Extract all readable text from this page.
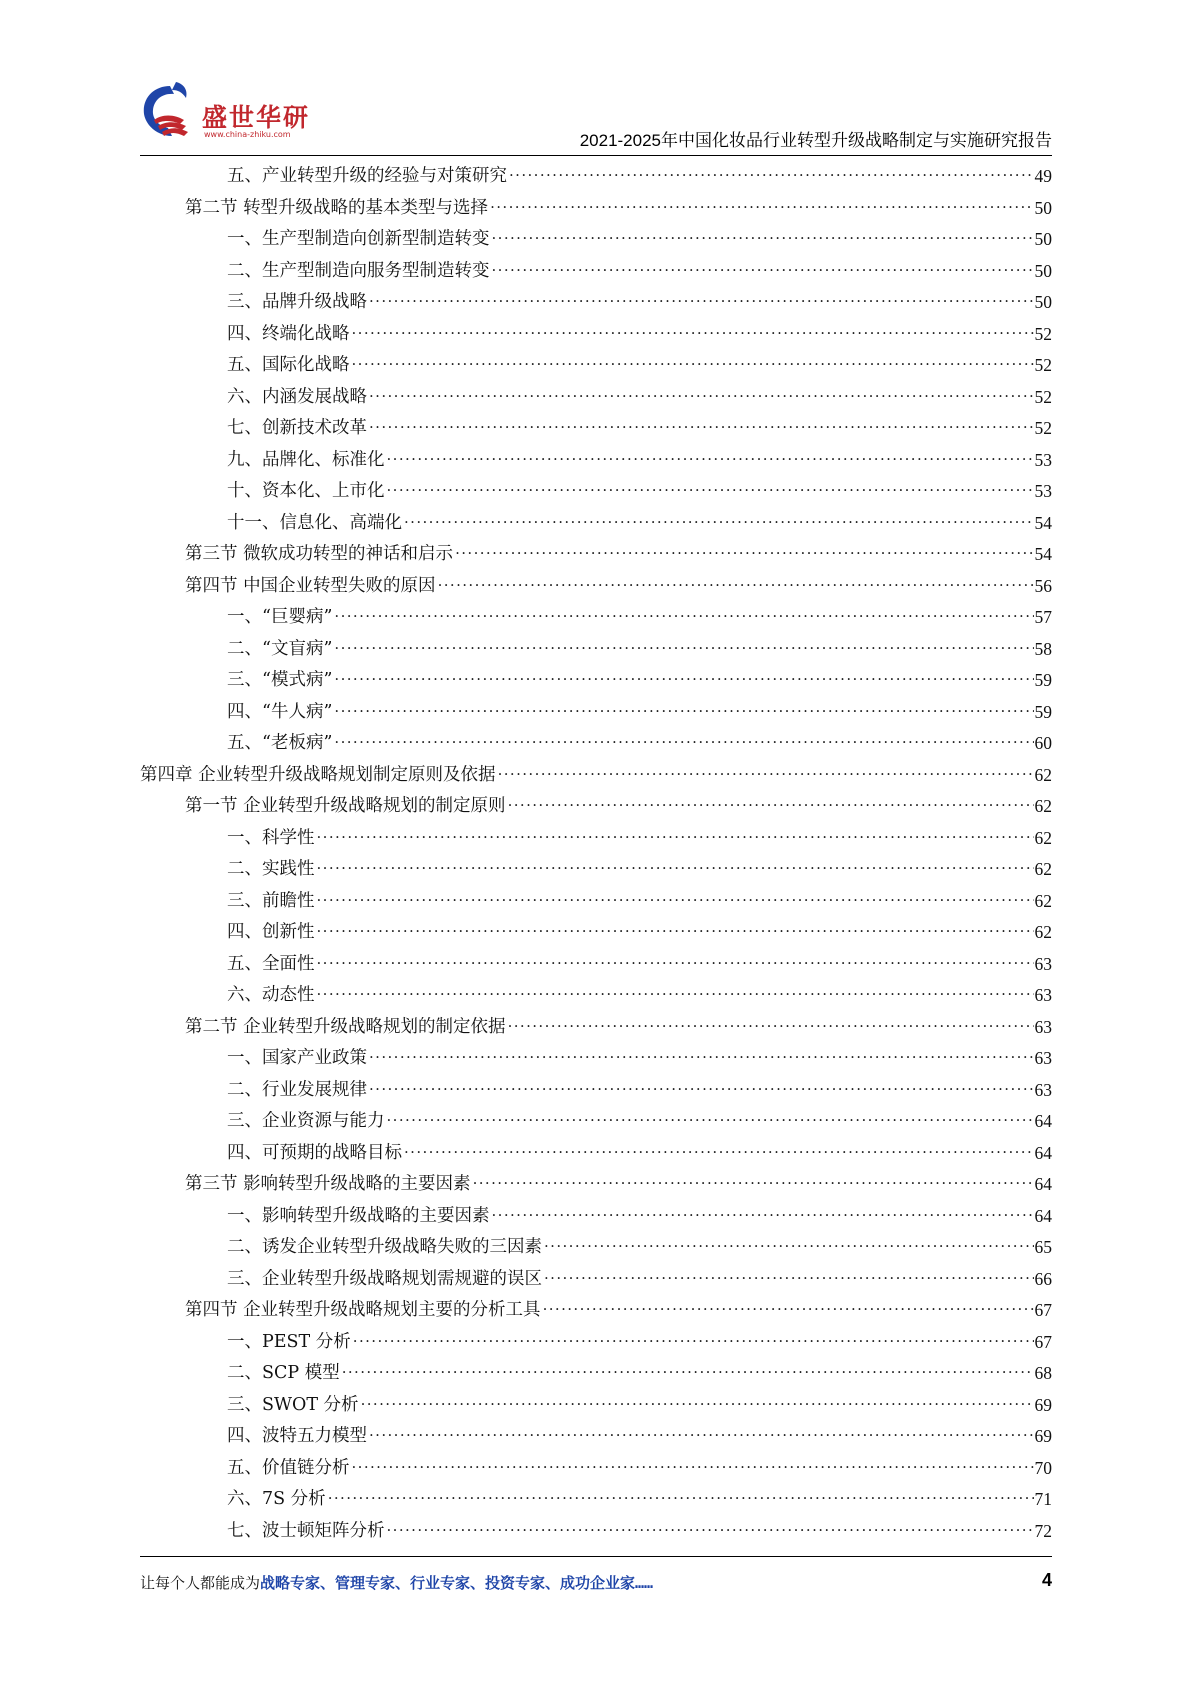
盛世华研
www.china-zhiku.com	2021-2025年中国化妆品行业转型升级战略制定与实施研究报告
五、产业转型升级的经验与对策研究 .....	49
第二节 转型升级战略的基本类型与选择 .....	50
一、生产型制造向创新型制造转变 .....	50
二、生产型制造向服务型制造转变 .....	50
三、品牌升级战略 .....	50
四、终端化战略 .....	52
五、国际化战略 .....	52
六、内涵发展战略 .....	52
七、创新技术改革 .....	52
九、品牌化、标准化 .....	53
十、资本化、上市化 .....	53
十一、信息化、高端化 .....	54
第三节 微软成功转型的神话和启示 .....	54
第四节 中国企业转型失败的原因 .....	56
一、“巨婴病” .....	57
二、“文盲病” .....	58
三、“模式病” .....	59
四、“牛人病” .....	59
五、“老板病” .....	60
第四章 企业转型升级战略规划制定原则及依据 .....	62
第一节 企业转型升级战略规划的制定原则 .....	62
一、科学性 .....	62
二、实践性 .....	62
三、前瞻性 .....	62
四、创新性 .....	62
五、全面性 .....	63
六、动态性 .....	63
第二节 企业转型升级战略规划的制定依据 .....	63
一、国家产业政策 .....	63
二、行业发展规律 .....	63
三、企业资源与能力 .....	64
四、可预期的战略目标 .....	64
第三节 影响转型升级战略的主要因素 .....	64
一、影响转型升级战略的主要因素 .....	64
二、诱发企业转型升级战略失败的三因素 .....	65
三、企业转型升级战略规划需规避的误区 .....	66
第四节 企业转型升级战略规划主要的分析工具 .....	67
一、PEST 分析 .....	67
二、SCP 模型 .....	68
三、SWOT 分析 .....	69
四、波特五力模型 .....	69
五、价值链分析 .....	70
六、7S 分析 .....	71
七、波士顿矩阵分析 .....	72
让每个人都能成为战略专家、管理专家、行业专家、投资专家、成功企业家……	4
